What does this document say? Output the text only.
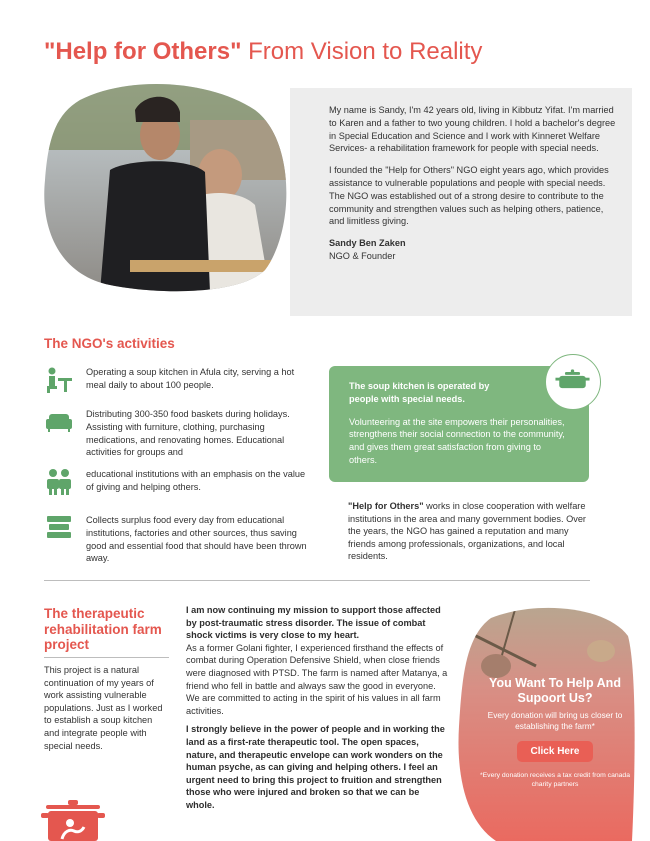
"Help for Others" From Vision to Reality

My name is Sandy, I'm 42 years old, living in Kibbutz Yifat. I'm married to Karen and a father to two young children. I hold a bachelor's degree in Special Education and Science and I work with Kinneret Welfare Services- a rehabilitation framework for people with special needs.

I founded the "Help for Others" NGO eight years ago, which provides assistance to vulnerable populations and people with special needs. The NGO was established out of a strong desire to contribute to the community and strengthen values such as helping others, patience, and limitless giving.

Sandy Ben Zaken
NGO & Founder
The NGO's activities
Operating a soup kitchen in Afula city, serving a hot meal daily to about 100 people.
Distributing 300-350 food baskets during holidays. Assisting with furniture, clothing, purchasing medications, and renovating homes. Educational activities for groups and
educational institutions with an emphasis on the value of giving and helping others.
Collects surplus food every day from educational institutions, factories and other sources, thus saving good and essential food that should have been thrown away.
The soup kitchen is operated by people with special needs.
Volunteering at the site empowers their personalities, strengthens their social connection to the community, and gives them great satisfaction from giving to others.
"Help for Others" works in close cooperation with welfare institutions in the area and many government bodies. Over the years, the NGO has gained a reputation and many friends among professionals, organizations, and local residents.
The therapeutic rehabilitation farm project
This project is a natural continuation of my years of work assisting vulnerable populations. Just as I worked to establish a soup kitchen and integrate people with special needs.

I am now continuing my mission to support those affected by post-traumatic stress disorder. The issue of combat shock victims is very close to my heart.
As a former Golani fighter, I experienced firsthand the effects of combat during Operation Defensive Shield, when close friends were diagnosed with PTSD. The farm is named after Matanya, a friend who fell in battle and always saw the good in everyone. We are committed to acting in the spirit of his values in all farm activities.

I strongly believe in the power of people and in working the land as a first-rate therapeutic tool. The open spaces, nature, and therapeutic envelope can work wonders on the human psyche, as can giving and helping others. I feel an urgent need to bring this project to fruition and strengthen those who were injured and broken so that we can be whole.

You Want To Help And Supoort Us?
Every donation will bring us closer to establishing the farm*
Click Here
*Every donation receives a tax credit from canada charity partners
